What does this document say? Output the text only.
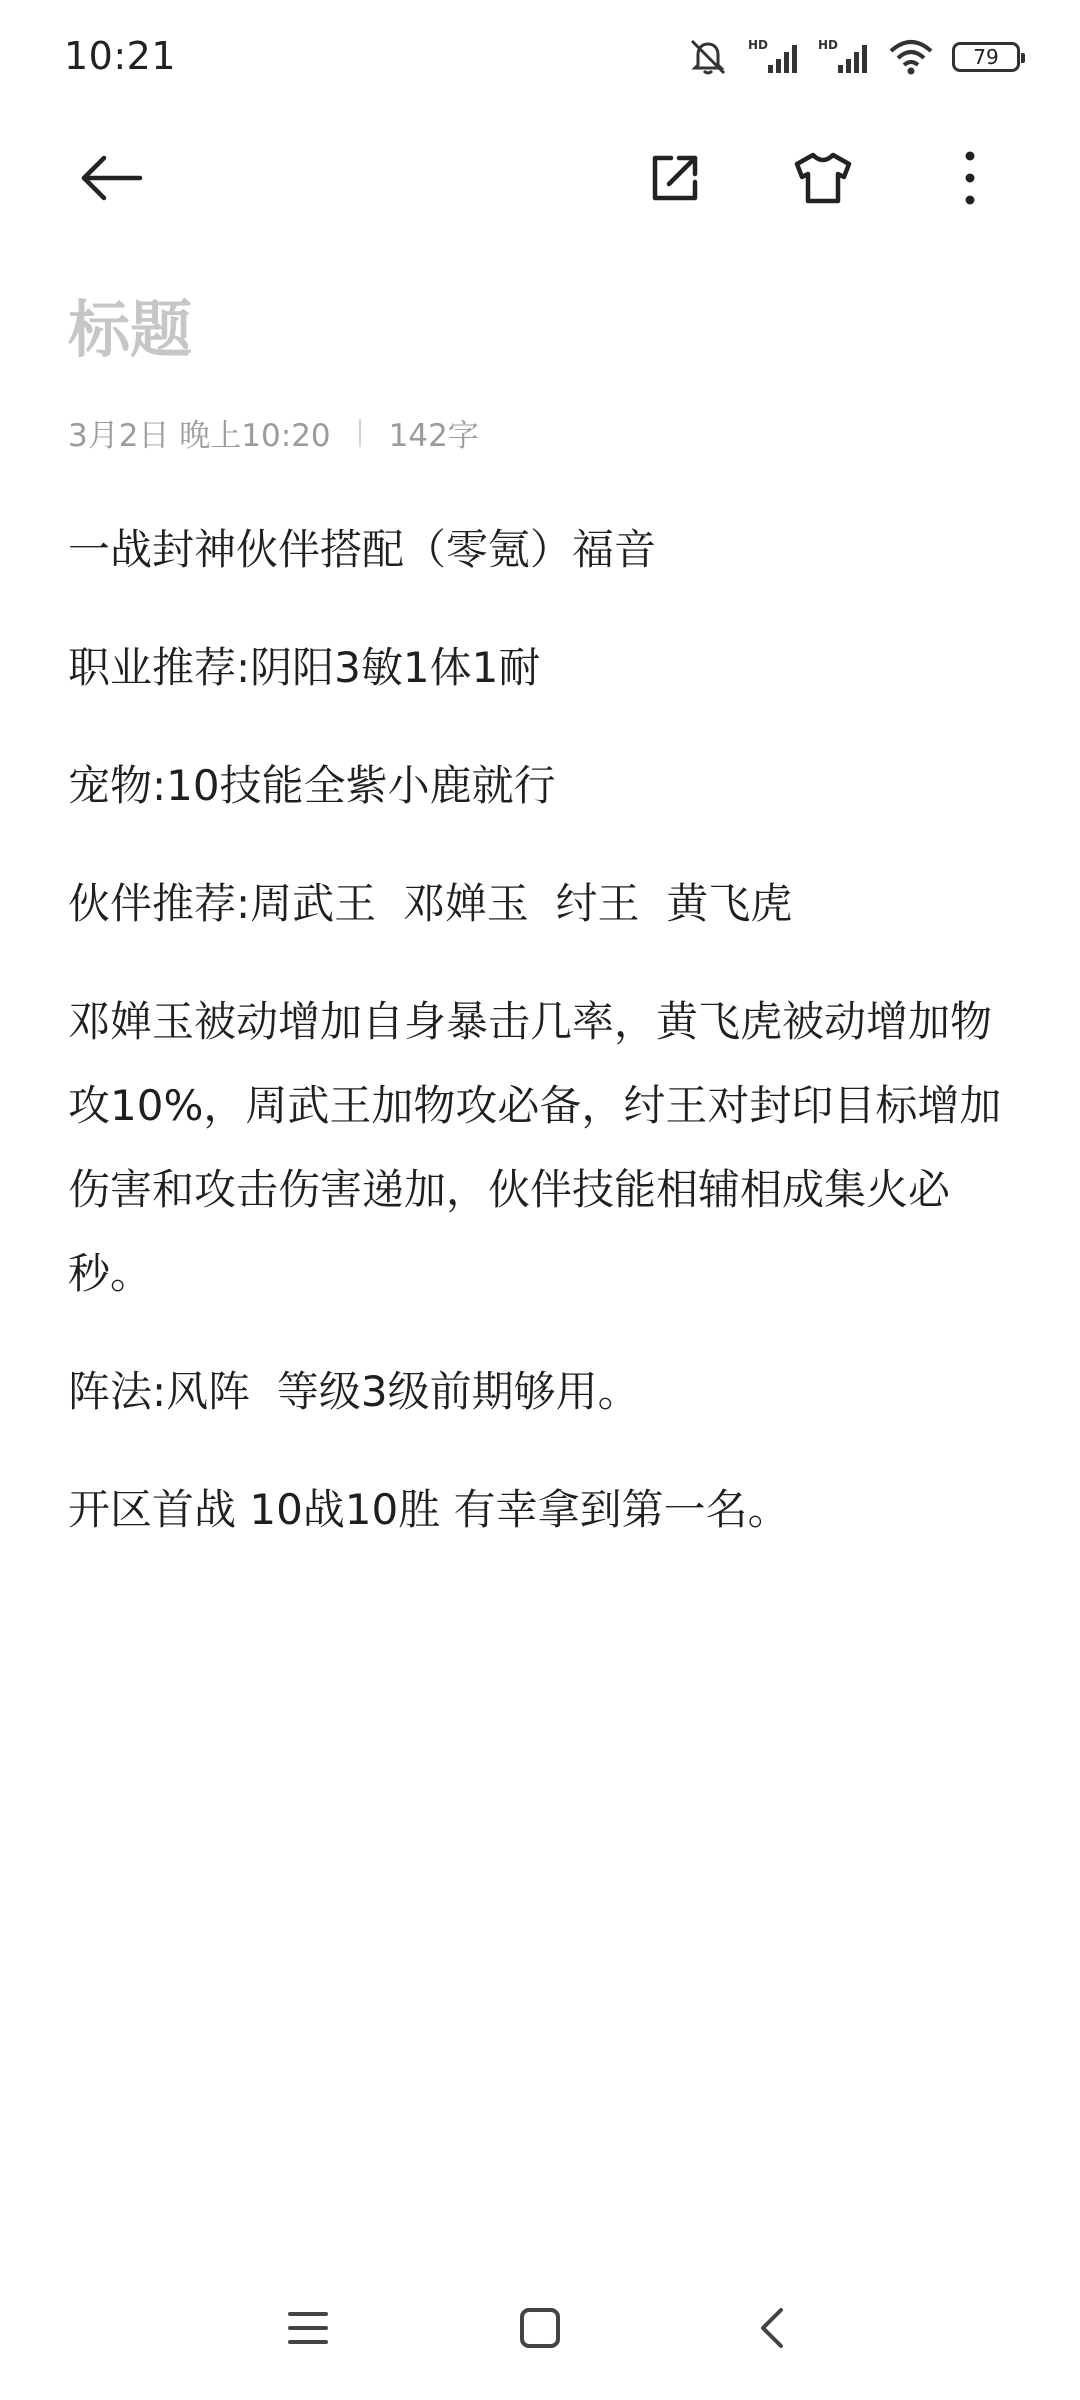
10:21	HD	HD	79
标题
3月2日 晚上10:20 142字

一战封神伙伴搭配（零氪）福音

职业推荐:阴阳3敏1体1耐

宠物:10技能全紫小鹿就行

伙伴推荐:周武王  邓婵玉  纣王  黄飞虎

邓婵玉被动增加自身暴击几率，黄飞虎被动增加物攻10%，周武王加物攻必备，纣王对封印目标增加伤害和攻击伤害递加，伙伴技能相辅相成集火必秒。

阵法:风阵  等级3级前期够用。

开区首战 10战10胜 有幸拿到第一名。
